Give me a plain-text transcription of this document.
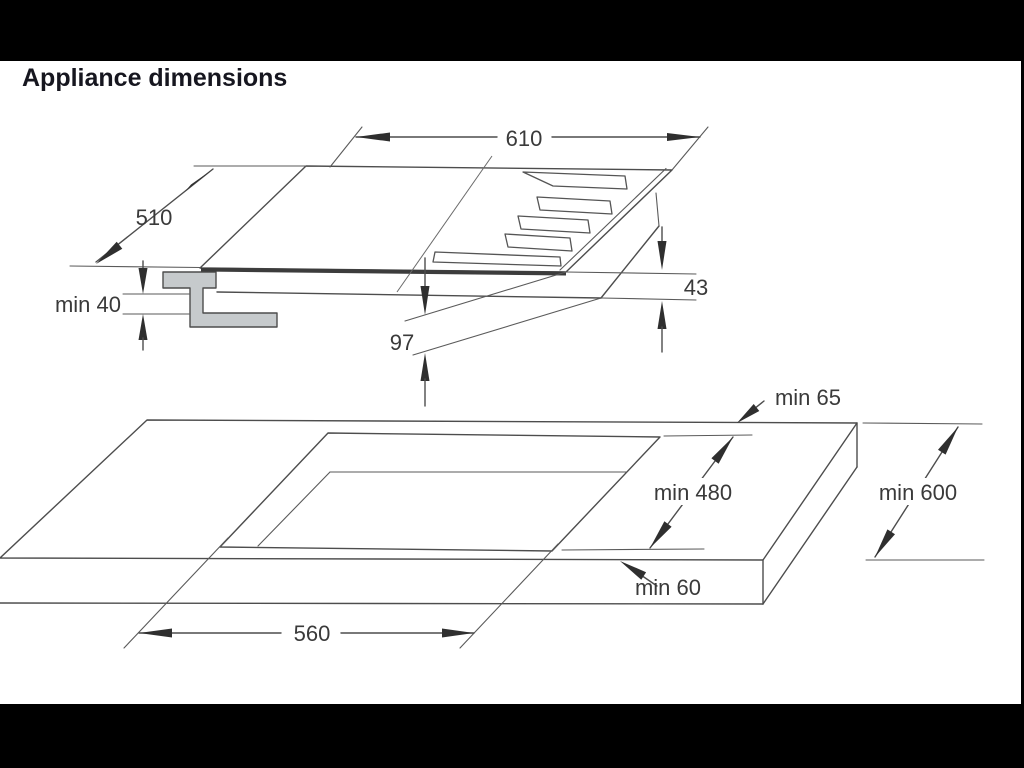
610
510
min 40
97
43
560
min 480
min 65
min 600
min 60
Appliance dimensions
